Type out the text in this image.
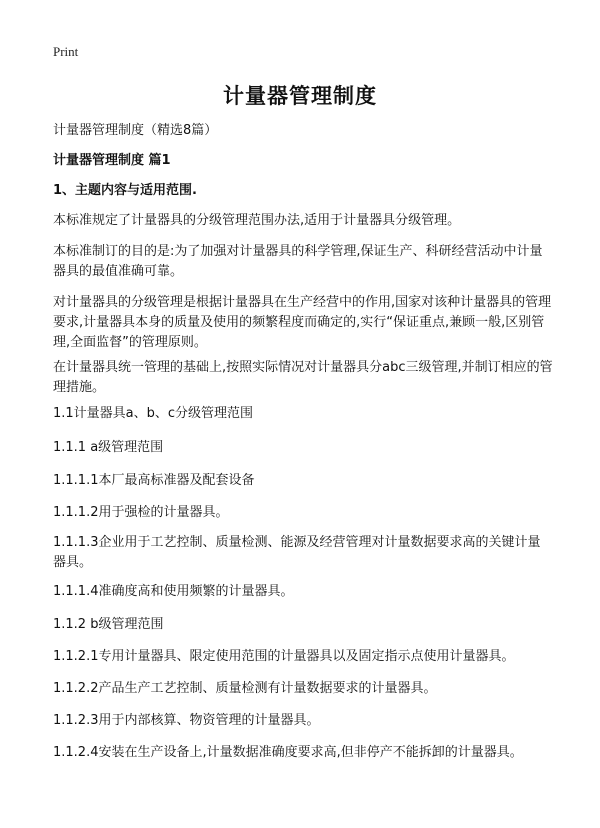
Print
计量器管理制度

计量器管理制度（精选8篇）

计量器管理制度 篇1

1、主题内容与适用范围.

本标准规定了计量器具的分级管理范围办法,适用于计量器具分级管理。

本标准制订的目的是:为了加强对计量器具的科学管理,保证生产、科研经营活动中计量器具的最值准确可靠。

对计量器具的分级管理是根据计量器具在生产经营中的作用,国家对该种计量器具的管理要求,计量器具本身的质量及使用的频繁程度而确定的,实行“保证重点,兼顾一般,区别管理,全面监督”的管理原则。

在计量器具统一管理的基础上,按照实际情况对计量器具分abc三级管理,并制订相应的管理措施。

1.1计量器具a、b、c分级管理范围

1.1.1 a级管理范围

1.1.1.1本厂最高标准器及配套设备

1.1.1.2用于强检的计量器具。

1.1.1.3企业用于工艺控制、质量检测、能源及经营管理对计量数据要求高的关键计量器具。

1.1.1.4准确度高和使用频繁的计量器具。

1.1.2 b级管理范围

1.1.2.1专用计量器具、限定使用范围的计量器具以及固定指示点使用计量器具。

1.1.2.2产品生产工艺控制、质量检测有计量数据要求的计量器具。

1.1.2.3用于内部核算、物资管理的计量器具。

1.1.2.4安装在生产设备上,计量数据准确度要求高,但非停产不能拆卸的计量器具。
